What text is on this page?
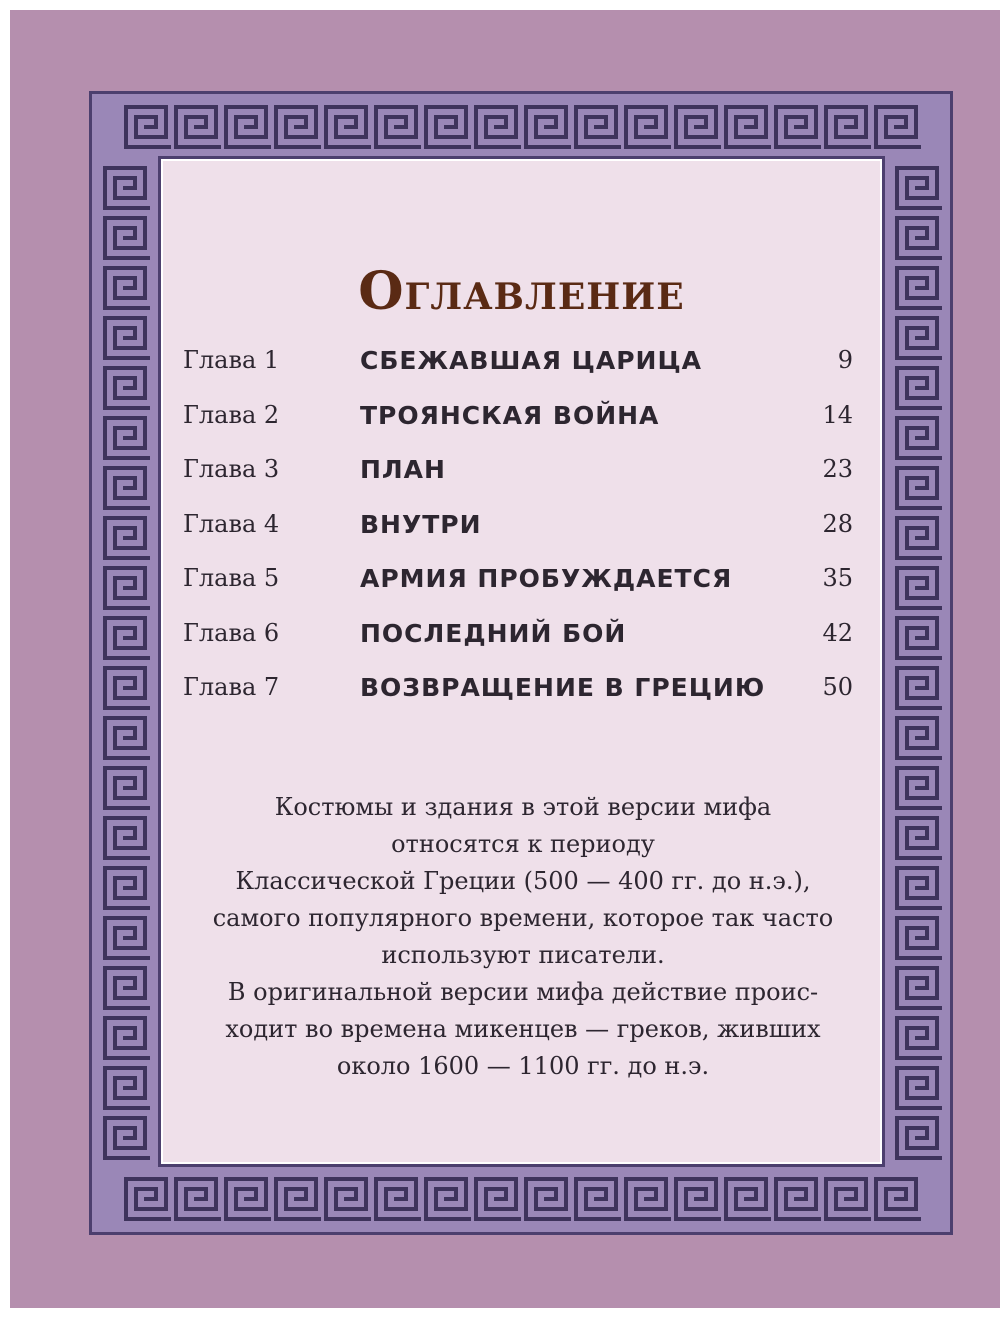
Оглавление
Глава 1	СБЕЖАВШАЯ ЦАРИЦА	9
Глава 2	ТРОЯНСКАЯ ВОЙНА	14
Глава 3	ПЛАН	23
Глава 4	ВНУТРИ	28
Глава 5	АРМИЯ ПРОБУЖДАЕТСЯ	35
Глава 6	ПОСЛЕДНИЙ БОЙ	42
Глава 7	ВОЗВРАЩЕНИЕ В ГРЕЦИЮ 50
Костюмы и здания в этой версии мифа
относятся к периоду
Классической Греции (500 — 400 гг. до н.э.),
самого популярного времени, которое так часто
используют писатели.
В оригинальной версии мифа действие проис-
ходит во времена микенцев — греков, живших
около 1600 — 1100 гг. до н.э.
